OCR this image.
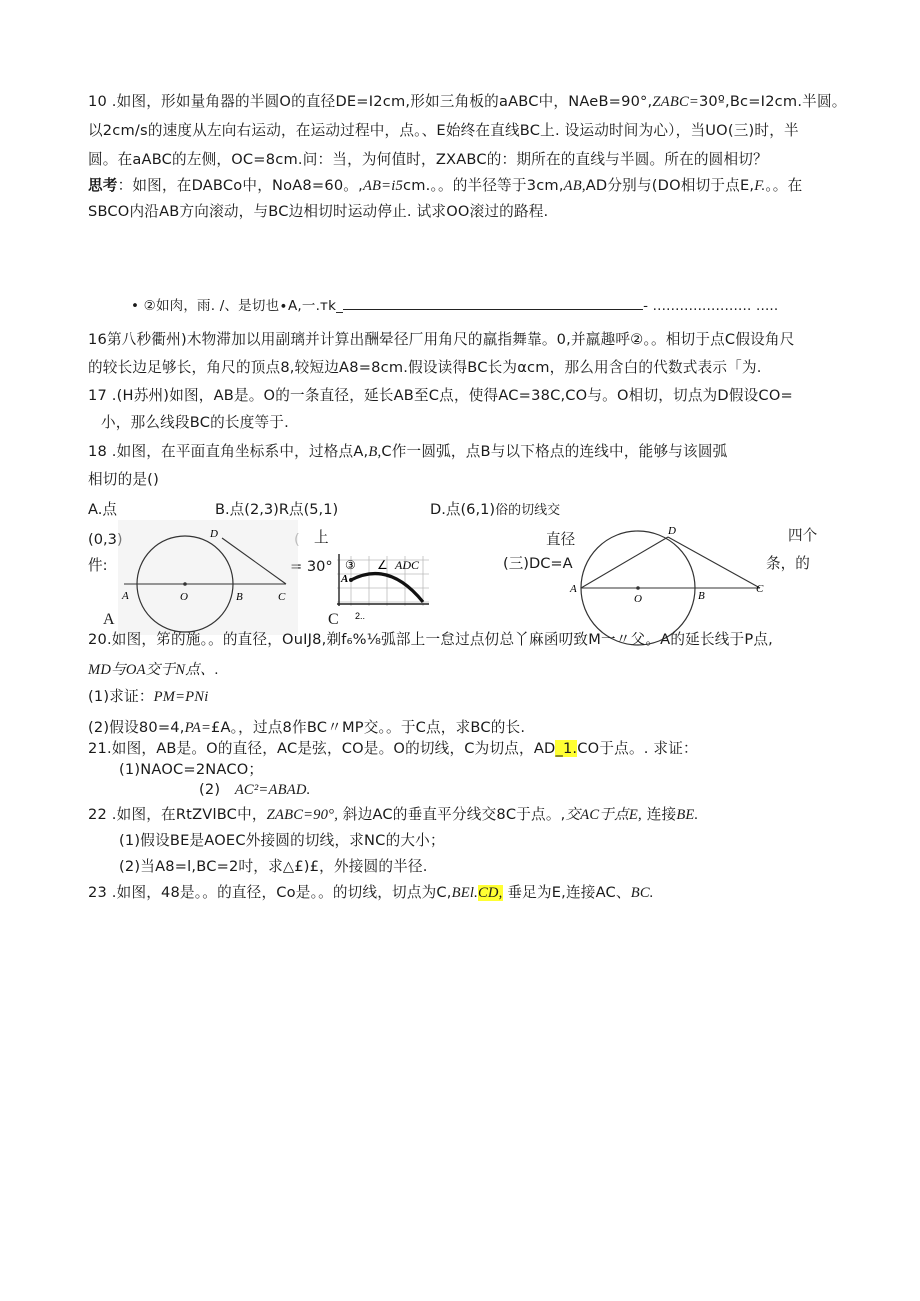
10 .如图，形如量角器的半圆O的直径DE=I2cm,形如三角板的aABC中，NAeB=90°,ZABC=30º,Bc=I2cm.半圆。
以2cm∕s的速度从左向右运动，在运动过程中，点。、E始终在直线BC上. 设运动时间为心），当UO(三)时，半
圆。在aABC的左侧，OC=8cm.问：当，为何值时，ZXABC的：期所在的直线与半圆。所在的圆相切？
思考：如图，在DABCo中，NoA8=60。,AB=i5cm.。。的半径等于3cm,AB,AD分别与(DO相切于点E,F.。。在
SBCO内沿AB方向滚动，与BC边相切时运动停止. 试求OO滚过的路程.
• ②如肉，雨. /、是切也∙A,一.тk_	- ...................... .....
16第八秒衢州)木物滞加以用副璃并计算出酬晕径厂用角尺的羸指舞靠。0,并羸趣呼②。。相切于点C假设角尺
的较长边足够长，角尺的顶点8,较短边A8=8cm.假设读得BC长为αcm，那么用含白的代数式表示「为.
17 .(H苏州)如图，AB是。O的一条直径，延长AB至C点，使得AC=38C,CO与。O相切，切点为D假设CO=
小，那么线段BC的长度等于.
18 .如图，在平面直角坐标系中，过格点A,B,C作一圆弧，点B与以下格点的连线中，能够与该圆弧
相切的是()
A.点	B.点(2,3)R点(5,1)	D.点(6,1)俗的切线交
(0,3)
件:
( 上
= 30°
直径
(三)DC=A
四个
条，的
A	C
D
A	O	B	C
A
③ ∠ ADC
2..
D
A
O	B
C
20.如图，笫的施。。的直径，OuIJ8,剃f₆%⅛弧部上一怠过点仞总丫麻函叨致M一〃父。A的延长线于P点,
MD与OA交于N点、.
(1)求证：PM=PNi
(2)假设80=4,PA=£A。，过点8作BC〃MP交。。于C点，求BC的长.
21.如图，AB是。O的直径，AC是弦，CO是。O的切线，C为切点，AD_1.CO于点。. 求证：
(1)NAOC=2NACO；
(2) AC²=ABAD.
22 .如图，在RtZVlBC中，ZABC=90°, 斜边AC的垂直平分线交8C于点。,交AC于点E, 连接BE.
(1)假设BE是AOEC外接圆的切线，求NC的大小；
(2)当A8=l,BC=2吋，求△£)£，外接圆的半径.
23 .如图，48是。。的直径，Co是。。的切线，切点为C,BEl.CD, 垂足为E,连接AC、BC.
